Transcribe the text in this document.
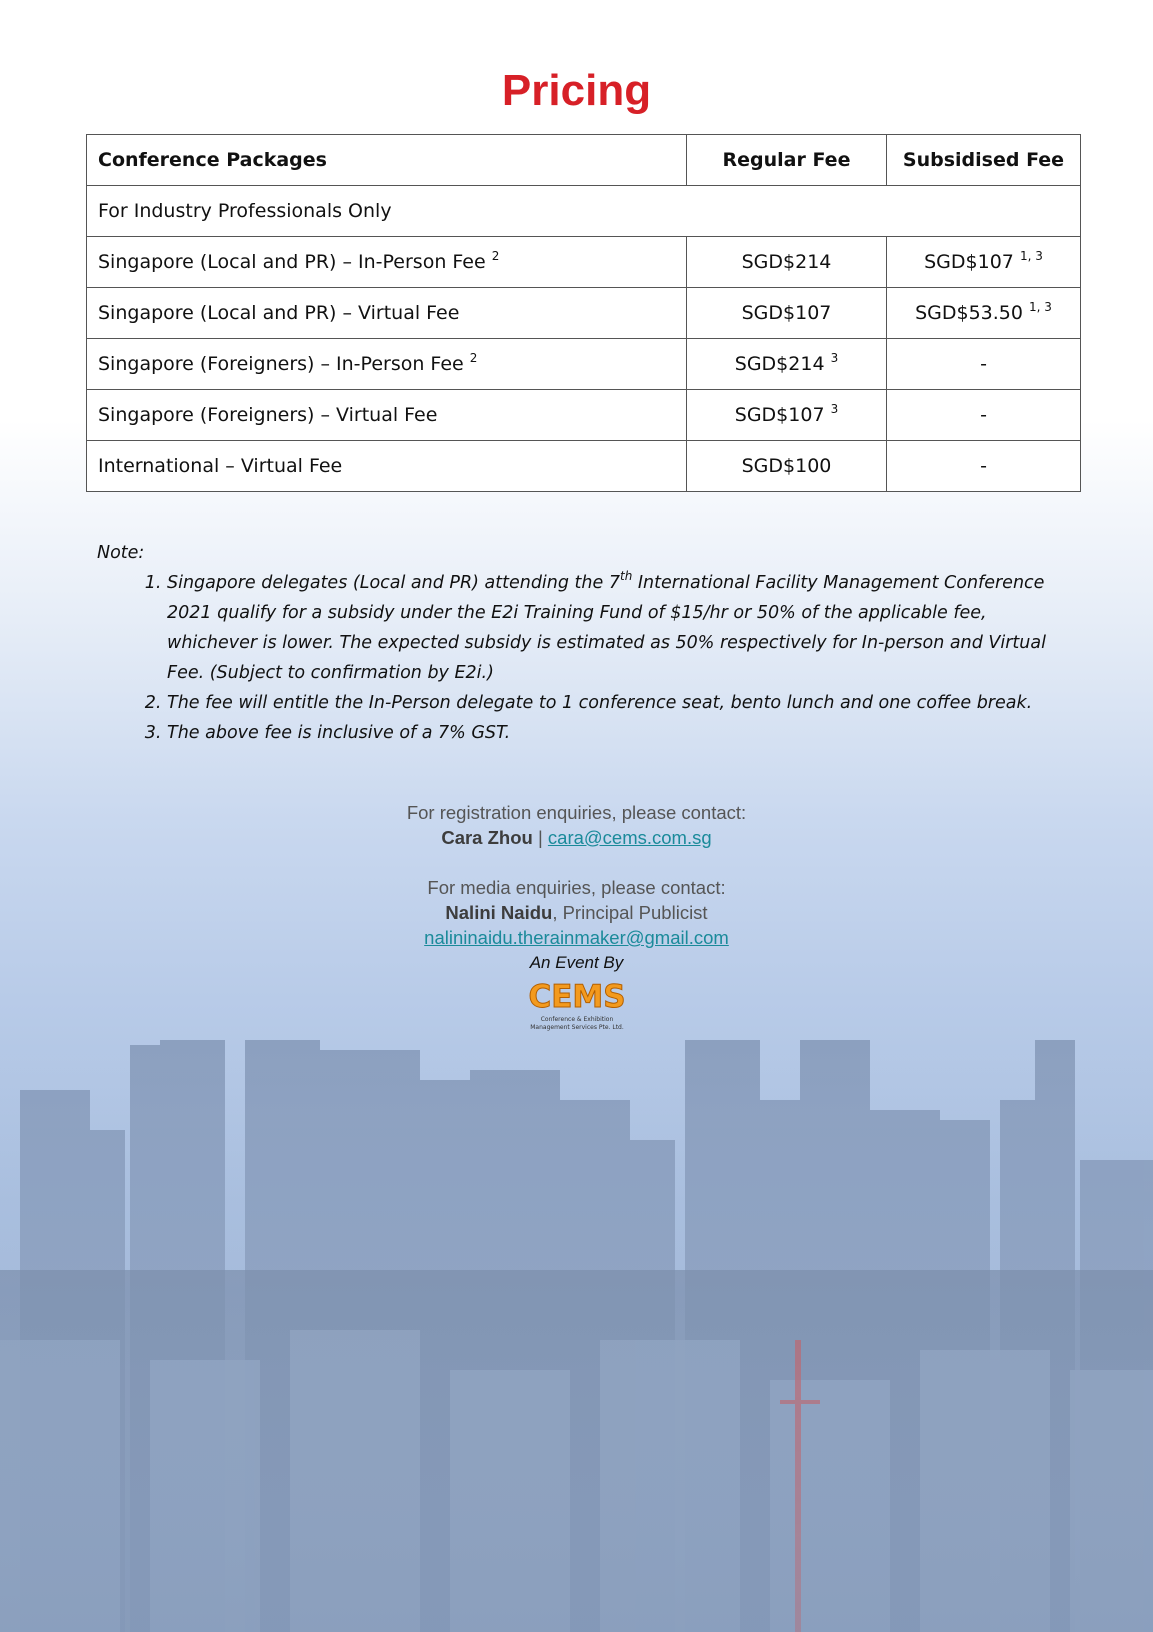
Pricing
Conference Packages	Regular Fee	Subsidised Fee
For Industry Professionals Only		
Singapore (Local and PR) – In-Person Fee $^2$	SGD$214	SGD$107 $^{1, 3}$
Singapore (Local and PR) – Virtual Fee	SGD$107	SGD$53.50 $^{1, 3}$
Singapore (Foreigners) – In-Person Fee $^2$	SGD$214 $^3$	-
Singapore (Foreigners) – Virtual Fee	SGD$107 $^3$	-
International – Virtual Fee	SGD$100	-
Note:
1. Singapore delegates (Local and PR) attending the 7th International Facility Management Conference 2021 qualify for a subsidy under the E2i Training Fund of $15/hr or 50% of the applicable fee, whichever is lower. The expected subsidy is estimated as 50% respectively for In-person and Virtual Fee. (Subject to confirmation by E2i.)
2. The fee will entitle the In-Person delegate to 1 conference seat, bento lunch and one coffee break.
3. The above fee is inclusive of a 7% GST.
For registration enquiries, please contact:
Cara Zhou | cara@cems.com.sg
For media enquiries, please contact:
Nalini Naidu, Principal Publicist
nalininaidu.therainmaker@gmail.com
An Event By
CEMS
Conference & Exhibition
Management Services Pte. Ltd.
